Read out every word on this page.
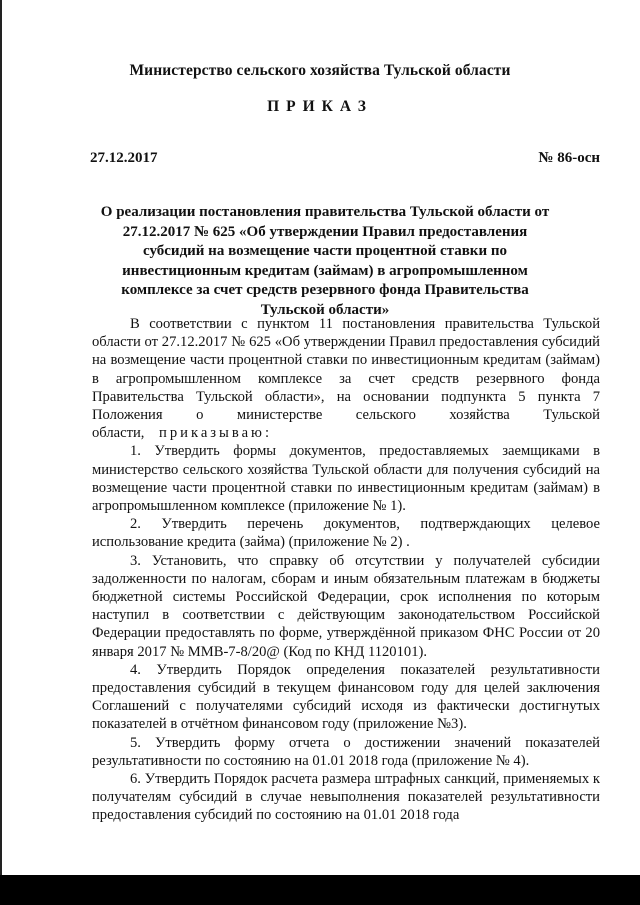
Министерство сельского хозяйства Тульской области
ПРИКАЗ
27.12.2017	№ 86-осн
О реализации постановления правительства Тульской области от 27.12.2017 № 625 «Об утверждении Правил предоставления субсидий на возмещение части процентной ставки по инвестиционным кредитам (займам) в агропромышленном комплексе за счет средств резервного фонда Правительства Тульской области»

В соответствии с пунктом 11 постановления правительства Тульской области от 27.12.2017 № 625 «Об утверждении Правил предоставления субсидий на возмещение части процентной ставки по инвестиционным кредитам (займам) в агропромышленном комплексе за счет средств резервного фонда Правительства Тульской области», на основании подпункта 5 пункта 7 Положения о министерстве сельского хозяйства Тульской области, приказываю:

1. Утвердить формы документов, предоставляемых заемщиками в министерство сельского хозяйства Тульской области для получения субсидий на возмещение части процентной ставки по инвестиционным кредитам (займам) в агропромышленном комплексе (приложение № 1).

2. Утвердить перечень документов, подтверждающих целевое использование кредита (займа) (приложение № 2) .

3. Установить, что справку об отсутствии у получателей субсидии задолженности по налогам, сборам и иным обязательным платежам в бюджеты бюджетной системы Российской Федерации, срок исполнения по которым наступил в соответствии с действующим законодательством Российской Федерации предоставлять по форме, утверждённой приказом ФНС России от 20 января 2017 № ММВ-7-8/20@ (Код по КНД 1120101).

4. Утвердить Порядок определения показателей результативности предоставления субсидий в текущем финансовом году для целей заключения Соглашений с получателями субсидий исходя из фактически достигнутых показателей в отчётном финансовом году (приложение №3).

5. Утвердить форму отчета о достижении значений показателей результативности по состоянию на 01.01 2018 года (приложение № 4).

6. Утвердить Порядок расчета размера штрафных санкций, применяемых к получателям субсидий в случае невыполнения показателей результативности предоставления субсидий по состоянию на 01.01 2018 года
